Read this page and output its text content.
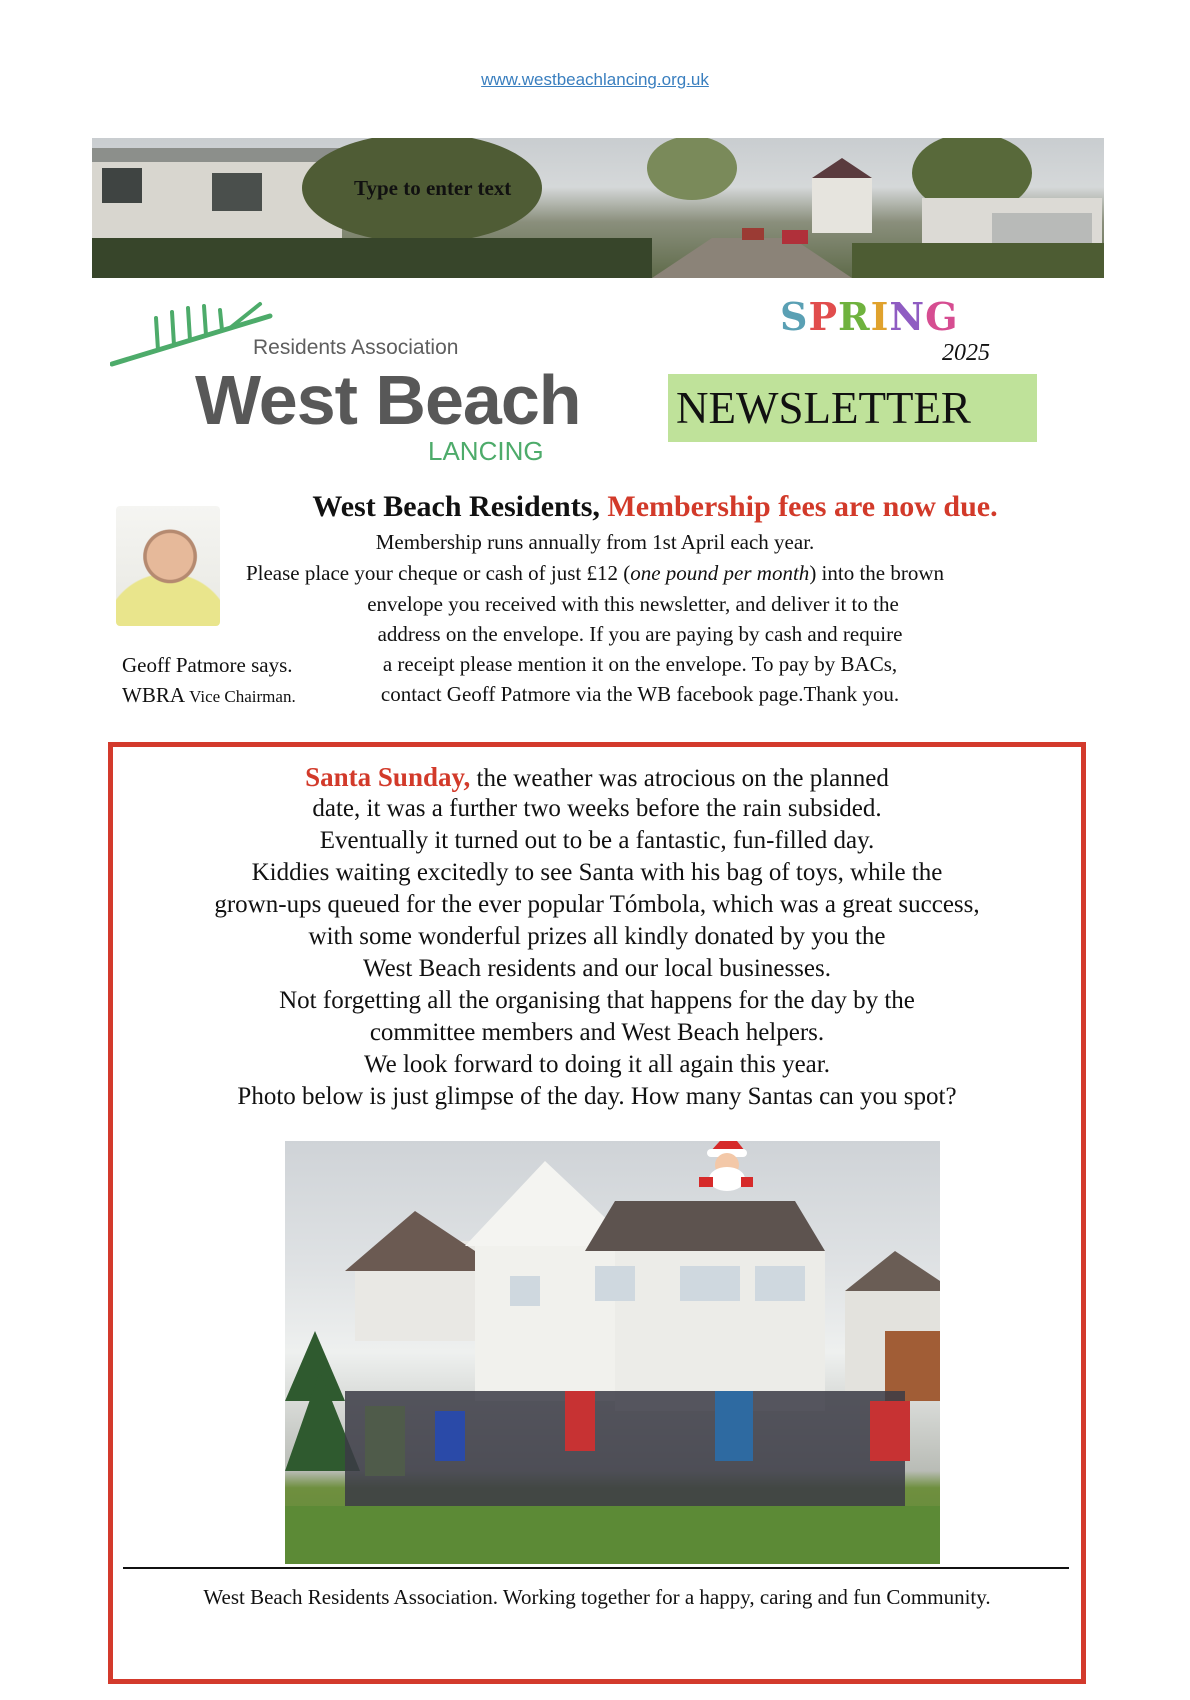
www.westbeachlancing.org.uk
Type to enter text
Residents Association
West Beach
LANCING
SPRING
2025
NEWSLETTER
West Beach Residents, Membership fees are now due.
Membership runs annually from 1st April each year.
Please place your cheque or cash of just £12 (one pound per month) into the brown
envelope you received with this newsletter, and deliver it to the
address on the envelope. If you are paying by cash and require
a receipt please mention it on the envelope. To pay by BACs,
contact Geoff Patmore via the WB facebook page.Thank you.
Geoff Patmore says.
WBRA Vice Chairman.
Santa Sunday, the weather was atrocious on the planned
date, it was a further two weeks before the rain subsided.
Eventually it turned out to be a fantastic, fun-filled day.
Kiddies waiting excitedly to see Santa with his bag of toys, while the
grown-ups queued for the ever popular Tómbola, which was a great success,
with some wonderful prizes all kindly donated by you the
West Beach residents and our local businesses.
Not forgetting all the organising that happens for the day by the
committee members and West Beach helpers.
We look forward to doing it all again this year.
Photo below is just glimpse of the day. How many Santas can you spot?
West Beach Residents Association. Working together for a happy, caring and fun Community.
